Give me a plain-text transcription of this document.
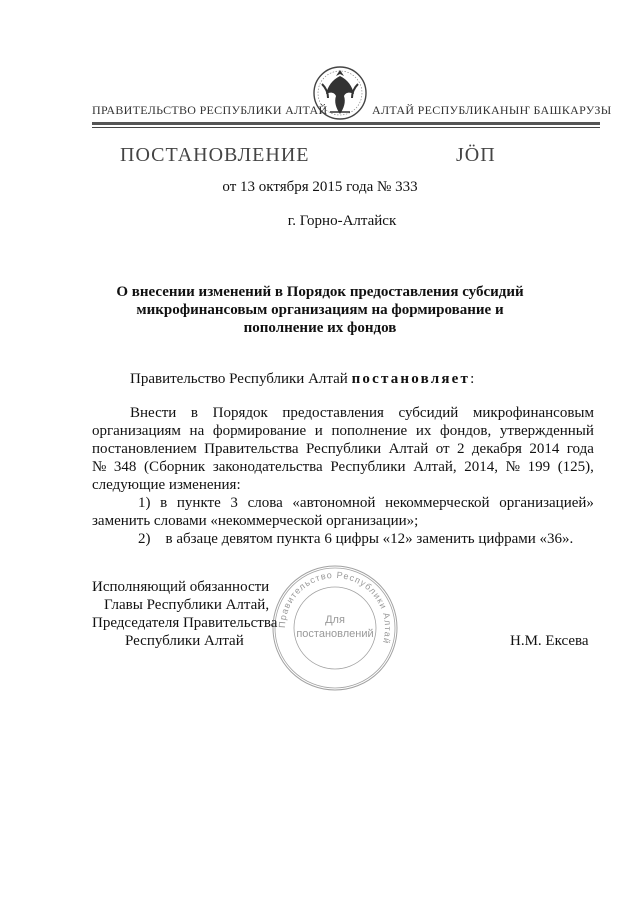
ПРАВИТЕЛЬСТВО РЕСПУБЛИКИ АЛТАЙ	АЛТАЙ РЕСПУБЛИКАНЫҤ БАШКАРУЗЫ
ПОСТАНОВЛЕНИЕ	JӦП
от 13 октября 2015 года № 333
г. Горно-Алтайск
О внесении изменений в Порядок предоставления субсидий
микрофинансовым организациям на формирование и
пополнение их фондов
Правительство Республики Алтай постановляет:
Внести в Порядок предоставления субсидий микрофинансовым
организациям на формирование и пополнение их фондов, утвержденный
постановлением Правительства Республики Алтай от 2 декабря 2014 года
№ 348 (Сборник законодательства Республики Алтай, 2014, № 199 (125),
следующие изменения:
1) в пункте 3 слова «автономной некоммерческой организацией»
заменить словами «некоммерческой организации»;
2)    в абзаце девятом пункта 6 цифры «12» заменить цифрами «36».
Исполняющий обязанности
Главы Республики Алтай,
Председателя Правительства
Республики Алтай	Н.М. Ексева
Правительство Республики Алтай
Для
постановлений
